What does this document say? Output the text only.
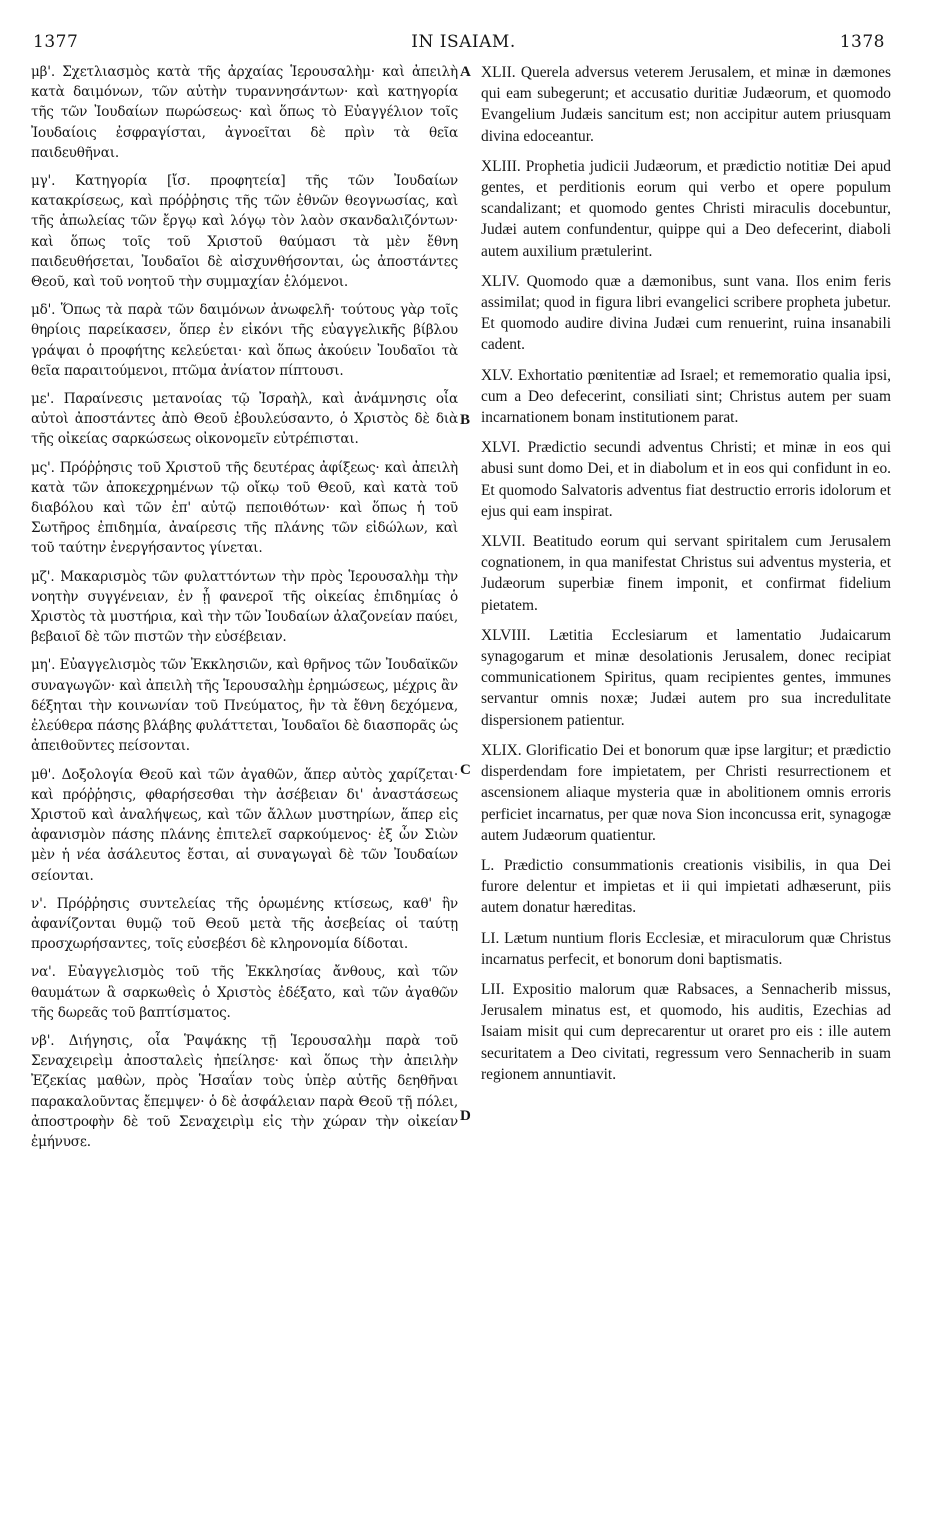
1377	IN ISAIAM.	1378

μβ'. Σχετλιασμὸς κατὰ τῆς ἀρχαίας Ἱερουσαλὴμ· καὶ ἀπειλὴ κατὰ δαιμόνων, τῶν αὐτὴν τυραννησάντων· καὶ κατηγορία τῆς τῶν Ἰουδαίων πωρώσεως· καὶ ὅπως τὸ Εὐαγγέλιον τοῖς Ἰουδαίοις ἐσφραγίσται, ἀγνοεῖται δὲ πρὶν τὰ θεῖα παιδευθῆναι.

μγ'. Κατηγορία [ἴσ. προφητεία] τῆς τῶν Ἰουδαίων κατακρίσεως, καὶ πρόῤῥησις τῆς τῶν ἐθνῶν θεογνωσίας, καὶ τῆς ἀπωλείας τῶν ἔργῳ καὶ λόγῳ τὸν λαὸν σκανδαλιζόντων· καὶ ὅπως τοῖς τοῦ Χριστοῦ θαύμασι τὰ μὲν ἔθνη παιδευθήσεται, Ἰουδαῖοι δὲ αἰσχυνθήσονται, ὡς ἀποστάντες Θεοῦ, καὶ τοῦ νοητοῦ τὴν συμμαχίαν ἑλόμενοι.

μδ'. Ὅπως τὰ παρὰ τῶν δαιμόνων ἀνωφελῆ· τούτους γὰρ τοῖς θηρίοις παρείκασεν, ὅπερ ἐν εἰκόνι τῆς εὐαγγελικῆς βίβλου γράψαι ὁ προφήτης κελεύεται· καὶ ὅπως ἀκούειν Ἰουδαῖοι τὰ θεῖα παραιτούμενοι, πτῶμα ἀνίατον πίπτουσι.

με'. Παραίνεσις μετανοίας τῷ Ἰσραὴλ, καὶ ἀνάμνησις οἷα αὐτοὶ ἀποστάντες ἀπὸ Θεοῦ ἐβουλεύσαντο, ὁ Χριστὸς δὲ διὰ τῆς οἰκείας σαρκώσεως οἰκονομεῖν εὐτρέπισται.

μς'. Πρόῤῥησις τοῦ Χριστοῦ τῆς δευτέρας ἀφίξεως· καὶ ἀπειλὴ κατὰ τῶν ἀποκεχρημένων τῷ οἴκῳ τοῦ Θεοῦ, καὶ κατὰ τοῦ διαβόλου καὶ τῶν ἐπ' αὐτῷ πεποιθότων· καὶ ὅπως ἡ τοῦ Σωτῆρος ἐπιδημία, ἀναίρεσις τῆς πλάνης τῶν εἰδώλων, καὶ τοῦ ταύτην ἐνεργήσαντος γίνεται.

μζ'. Μακαρισμὸς τῶν φυλαττόντων τὴν πρὸς Ἱερουσαλὴμ τὴν νοητὴν συγγένειαν, ἐν ᾗ φανεροῖ τῆς οἰκείας ἐπιδημίας ὁ Χριστὸς τὰ μυστήρια, καὶ τὴν τῶν Ἰουδαίων ἀλαζονείαν παύει, βεβαιοῖ δὲ τῶν πιστῶν τὴν εὐσέβειαν.

μη'. Εὐαγγελισμὸς τῶν Ἐκκλησιῶν, καὶ θρῆνος τῶν Ἰουδαϊκῶν συναγωγῶν· καὶ ἀπειλὴ τῆς Ἱερουσαλὴμ ἐρημώσεως, μέχρις ἂν δέξηται τὴν κοινωνίαν τοῦ Πνεύματος, ἣν τὰ ἔθνη δεχόμενα, ἐλεύθερα πάσης βλάβης φυλάττεται, Ἰουδαῖοι δὲ διασπορᾶς ὡς ἀπειθοῦντες πείσονται.

μθ'. Δοξολογία Θεοῦ καὶ τῶν ἀγαθῶν, ἅπερ αὐτὸς χαρίζεται· καὶ πρόῤῥησις, φθαρήσεσθαι τὴν ἀσέβειαν δι' ἀναστάσεως Χριστοῦ καὶ ἀναλήψεως, καὶ τῶν ἄλλων μυστηρίων, ἅπερ εἰς ἀφανισμὸν πάσης πλάνης ἐπιτελεῖ σαρκούμενος· ἐξ ὧν Σιὼν μὲν ἡ νέα ἀσάλευτος ἔσται, αἱ συναγωγαὶ δὲ τῶν Ἰουδαίων σείονται.

ν'. Πρόῤῥησις συντελείας τῆς ὁρωμένης κτίσεως, καθ' ἣν ἀφανίζονται θυμῷ τοῦ Θεοῦ μετὰ τῆς ἀσεβείας οἱ ταύτῃ προσχωρήσαντες, τοῖς εὐσεβέσι δὲ κληρονομία δίδοται.

να'. Εὐαγγελισμὸς τοῦ τῆς Ἐκκλησίας ἄνθους, καὶ τῶν θαυμάτων ἃ σαρκωθεὶς ὁ Χριστὸς ἐδέξατο, καὶ τῶν ἀγαθῶν τῆς δωρεᾶς τοῦ βαπτίσματος.

νβ'. Διήγησις, οἷα Ῥαψάκης τῇ Ἱερουσαλὴμ παρὰ τοῦ Σεναχειρεὶμ ἀποσταλεὶς ἠπείλησε· καὶ ὅπως τὴν ἀπειλὴν Ἐζεκίας μαθὼν, πρὸς Ἡσαΐαν τοὺς ὑπὲρ αὐτῆς δεηθῆναι παρακαλοῦντας ἔπεμψεν· ὁ δὲ ἀσφάλειαν παρὰ Θεοῦ τῇ πόλει, ἀποστροφὴν δὲ τοῦ Σεναχειρὶμ εἰς τὴν χώραν τὴν οἰκείαν ἐμήνυσε.

A
B
C
D

XLII. Querela adversus veterem Jerusalem, et minæ in dæmones qui eam subegerunt; et accusatio duritiæ Judæorum, et quomodo Evangelium Judæis sancitum est; non accipitur autem priusquam divina edoceantur.

XLIII. Prophetia judicii Judæorum, et prædictio notitiæ Dei apud gentes, et perditionis eorum qui verbo et opere populum scandalizant; et quomodo gentes Christi miraculis docebuntur, Judæi autem confundentur, quippe qui a Deo defecerint, diaboli autem auxilium prætulerint.

XLIV. Quomodo quæ a dæmonibus, sunt vana. Ilos enim feris assimilat; quod in figura libri evangelici scribere propheta jubetur. Et quomodo audire divina Judæi cum renuerint, ruina insanabili cadent.

XLV. Exhortatio pœnitentiæ ad Israel; et rememoratio qualia ipsi, cum a Deo defecerint, consiliati sint; Christus autem per suam incarnationem bonam institutionem parat.

XLVI. Prædictio secundi adventus Christi; et minæ in eos qui abusi sunt domo Dei, et in diabolum et in eos qui confidunt in eo. Et quomodo Salvatoris adventus fiat destructio erroris idolorum et ejus qui eam inspirat.

XLVII. Beatitudo eorum qui servant spiritalem cum Jerusalem cognationem, in qua manifestat Christus sui adventus mysteria, et Judæorum superbiæ finem imponit, et confirmat fidelium pietatem.

XLVIII. Lætitia Ecclesiarum et lamentatio Judaicarum synagogarum et minæ desolationis Jerusalem, donec recipiat communicationem Spiritus, quam recipientes gentes, immunes servantur omnis noxæ; Judæi autem pro sua incredulitate dispersionem patientur.

XLIX. Glorificatio Dei et bonorum quæ ipse largitur; et prædictio disperdendam fore impietatem, per Christi resurrectionem et ascensionem aliaque mysteria quæ in abolitionem omnis erroris perficiet incarnatus, per quæ nova Sion inconcussa erit, synagogæ autem Judæorum quatientur.

L. Prædictio consummationis creationis visibilis, in qua Dei furore delentur et impietas et ii qui impietati adhæserunt, piis autem donatur hæreditas.

LI. Lætum nuntium floris Ecclesiæ, et miraculorum quæ Christus incarnatus perfecit, et bonorum doni baptismatis.

LII. Expositio malorum quæ Rabsaces, a Sennacherib missus, Jerusalem minatus est, et quomodo, his auditis, Ezechias ad Isaiam misit qui cum deprecarentur ut oraret pro eis : ille autem securitatem a Deo civitati, regressum vero Sennacherib in suam regionem annuntiavit.
